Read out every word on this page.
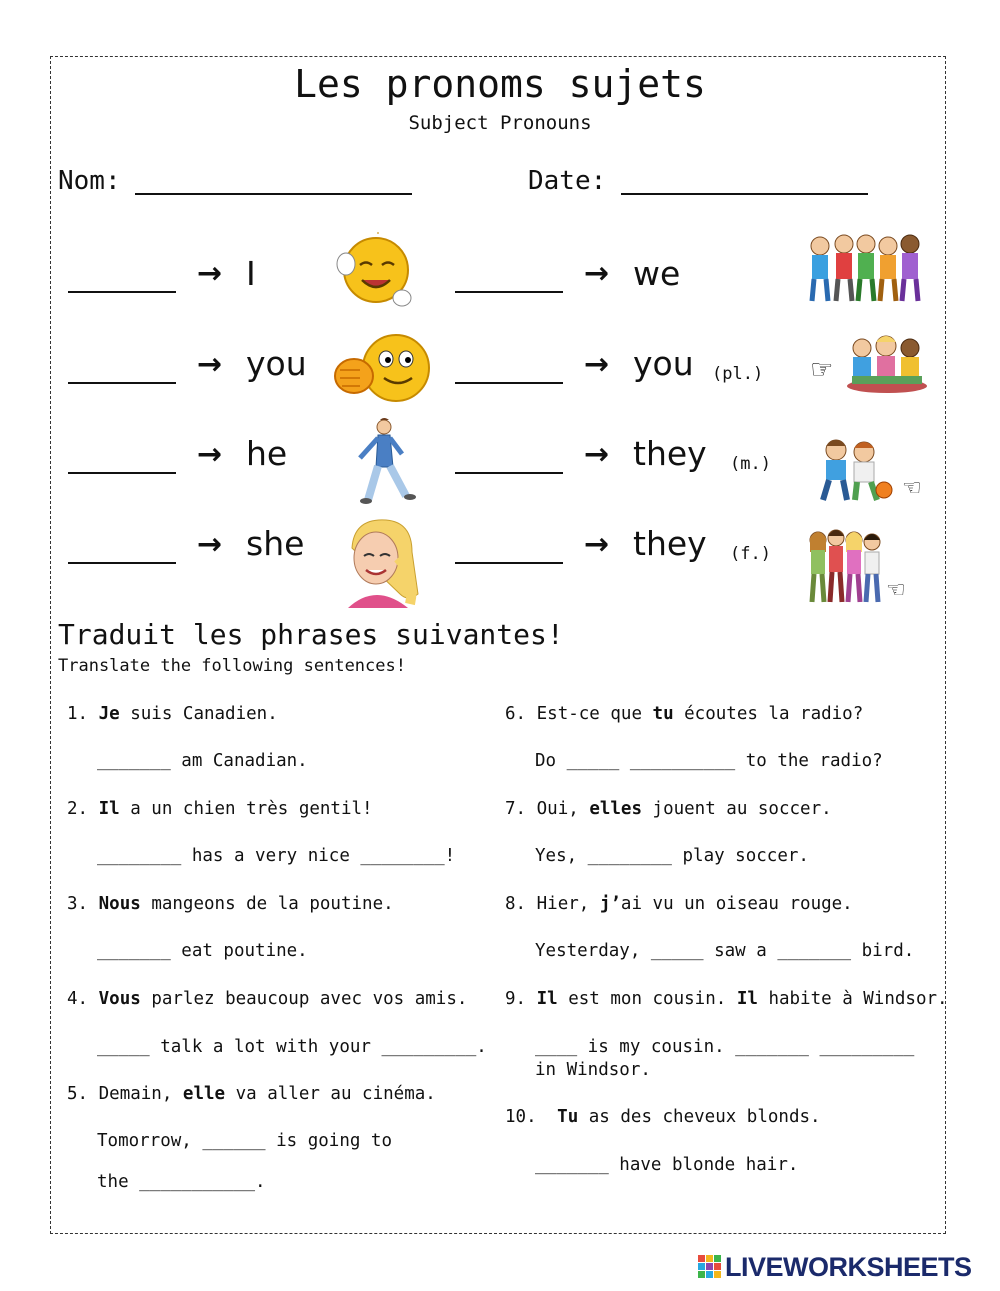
Les pronoms sujets
Subject Pronouns
Nom:	Date:
→ I
→ you
→ he
→ she
→ we
→ you (pl.)
→ they (m.)
→ they (f.)
☞
☜
☜
Traduit les phrases suivantes!
Translate the following sentences!
1. Je suis Canadien.
_______ am Canadian.
2. Il a un chien très gentil!
________ has a very nice ________!
3. Nous mangeons de la poutine.
_______ eat poutine.
4. Vous parlez beaucoup avec vos amis.
_____ talk a lot with your _________.
5. Demain, elle va aller au cinéma.
Tomorrow, ______ is going to
the ___________.
6. Est-ce que tu écoutes la radio?
Do _____ __________ to the radio?
7. Oui, elles jouent au soccer.
Yes, ________ play soccer.
8. Hier, j’ai vu un oiseau rouge.
Yesterday, _____ saw a _______ bird.
9. Il est mon cousin. Il habite à Windsor.
____ is my cousin. _______ _________
in Windsor.
10. Tu as des cheveux blonds.
_______ have blonde hair.
LIVEWORKSHEETS
